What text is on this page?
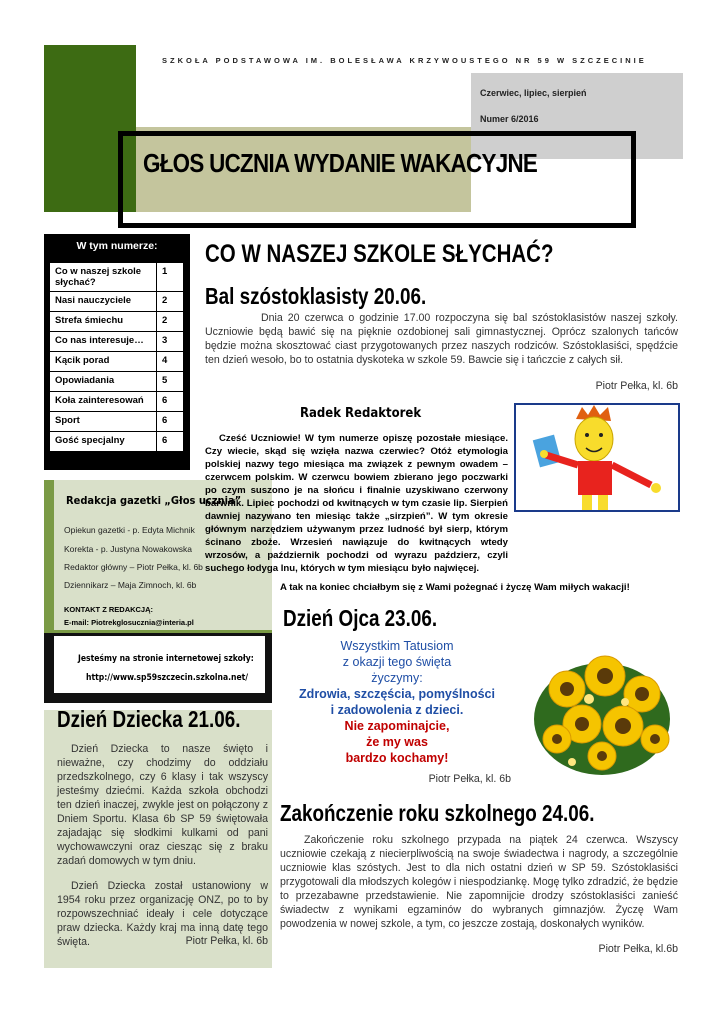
SZKOŁA PODSTAWOWA IM. BOLESŁAWA KRZYWOUSTEGO NR 59 W SZCZECINIE
Czerwiec, lipiec, sierpień
Numer 6/2016
GŁOS UCZNIA WYDANIE WAKACYJNE
W tym numerze:
Co w naszej szkole słychać?	1
Nasi nauczyciele	2
Strefa śmiechu	2
Co nas interesuje…	3
Kącik porad	4
Opowiadania	5
Koła zainteresowań	6
Sport	6
Gość specjalny	6
Redakcja gazetki „Głos ucznia”
Opiekun gazetki - p. Edyta Michnik
Korekta - p. Justyna Nowakowska
Redaktor główny – Piotr Pełka, kl. 6b
Dziennikarz – Maja Zimnoch, kl. 6b
KONTAKT Z REDAKCJĄ:
E-mail: Piotrekglosucznia@interia.pl
Jesteśmy na stronie internetowej szkoły:
http://www.sp59szczecin.szkolna.net/
Dzień Dziecka 21.06.
Dzień Dziecka to nasze święto i nieważne, czy chodzimy do oddziału przedszkolnego, czy 6 klasy i tak wszyscy jesteśmy dziećmi. Każda szkoła obchodzi ten dzień inaczej, zwykle jest on połączony z Dniem Sportu. Klasa 6b SP 59 świętowała zajadając się słodkimi kulkami od pani wychowawczyni oraz ciesząc się z braku zadań domowych w tym dniu.
Dzień Dziecka został ustanowiony w 1954 roku przez organizację ONZ, po to by rozpowszechniać ideały i cele dotyczące praw dziecka. Każdy kraj ma inną datę tego święta.	Piotr Pełka, kl. 6b
CO W NASZEJ SZKOLE SŁYCHAĆ?
Bal szóstoklasisty 20.06.
Dnia 20 czerwca o godzinie 17.00 rozpoczyna się bal szóstoklasistów naszej szkoły. Uczniowie będą bawić się na pięknie ozdobionej sali gimnastycznej. Oprócz szalonych tańców będzie można skosztować ciast przygotowanych przez naszych rodziców. Szóstoklasiści, spędźcie ten dzień wesoło, bo to ostatnia dyskoteka w szkole 59. Bawcie się i tańczcie z całych sił.
Piotr Pełka, kl. 6b
Radek Redaktorek
Cześć Uczniowie! W tym numerze opiszę pozostałe miesiące. Czy wiecie, skąd się wzięła nazwa czerwiec? Otóż etymologia polskiej nazwy tego miesiąca ma związek z pewnym owadem – czerwcem polskim. W czerwcu bowiem zbierano jego poczwarki po czym suszono je na słońcu i finalnie uzyskiwano czerwony barwnik. Lipiec pochodzi od kwitnących w tym czasie lip. Sierpień dawniej nazywano ten miesiąc także „sirzpień”. W tym okresie głównym narzędziem używanym przez ludność był sierp, którym ścinano zboże. Wrzesień nawiązuje do kwitnących wtedy wrzosów, a październik pochodzi od wyrazu paździerz, czyli suchego łodyga lnu, których w tym miesiącu było najwięcej.
A tak na koniec chciałbym się z Wami pożegnać i życzę Wam miłych wakacji!
Dzień Ojca 23.06.
Wszystkim Tatusiom
z okazji tego święta
życzymy:
Zdrowia, szczęścia, pomyślności
i zadowolenia z dzieci.
Nie zapominajcie,
że my was
bardzo kochamy!
Piotr Pełka, kl. 6b
Zakończenie roku szkolnego 24.06.
Zakończenie roku szkolnego przypada na piątek 24 czerwca. Wszyscy uczniowie czekają z niecierpliwością na swoje świadectwa i nagrody, a szczególnie uczniowie klas szóstych. Jest to dla nich ostatni dzień w SP 59. Szóstoklasiści przygotowali dla młodszych kolegów i niespodziankę. Mogę tylko zdradzić, że będzie to przezabawne przedstawienie. Nie zapomnijcie drodzy szóstoklasiści zanieść świadectw z wynikami egzaminów do wybranych gimnazjów. Życzę Wam powodzenia w nowej szkole, a tym, co jeszcze zostają, doskonałych wyników.
Piotr Pełka, kl.6b
